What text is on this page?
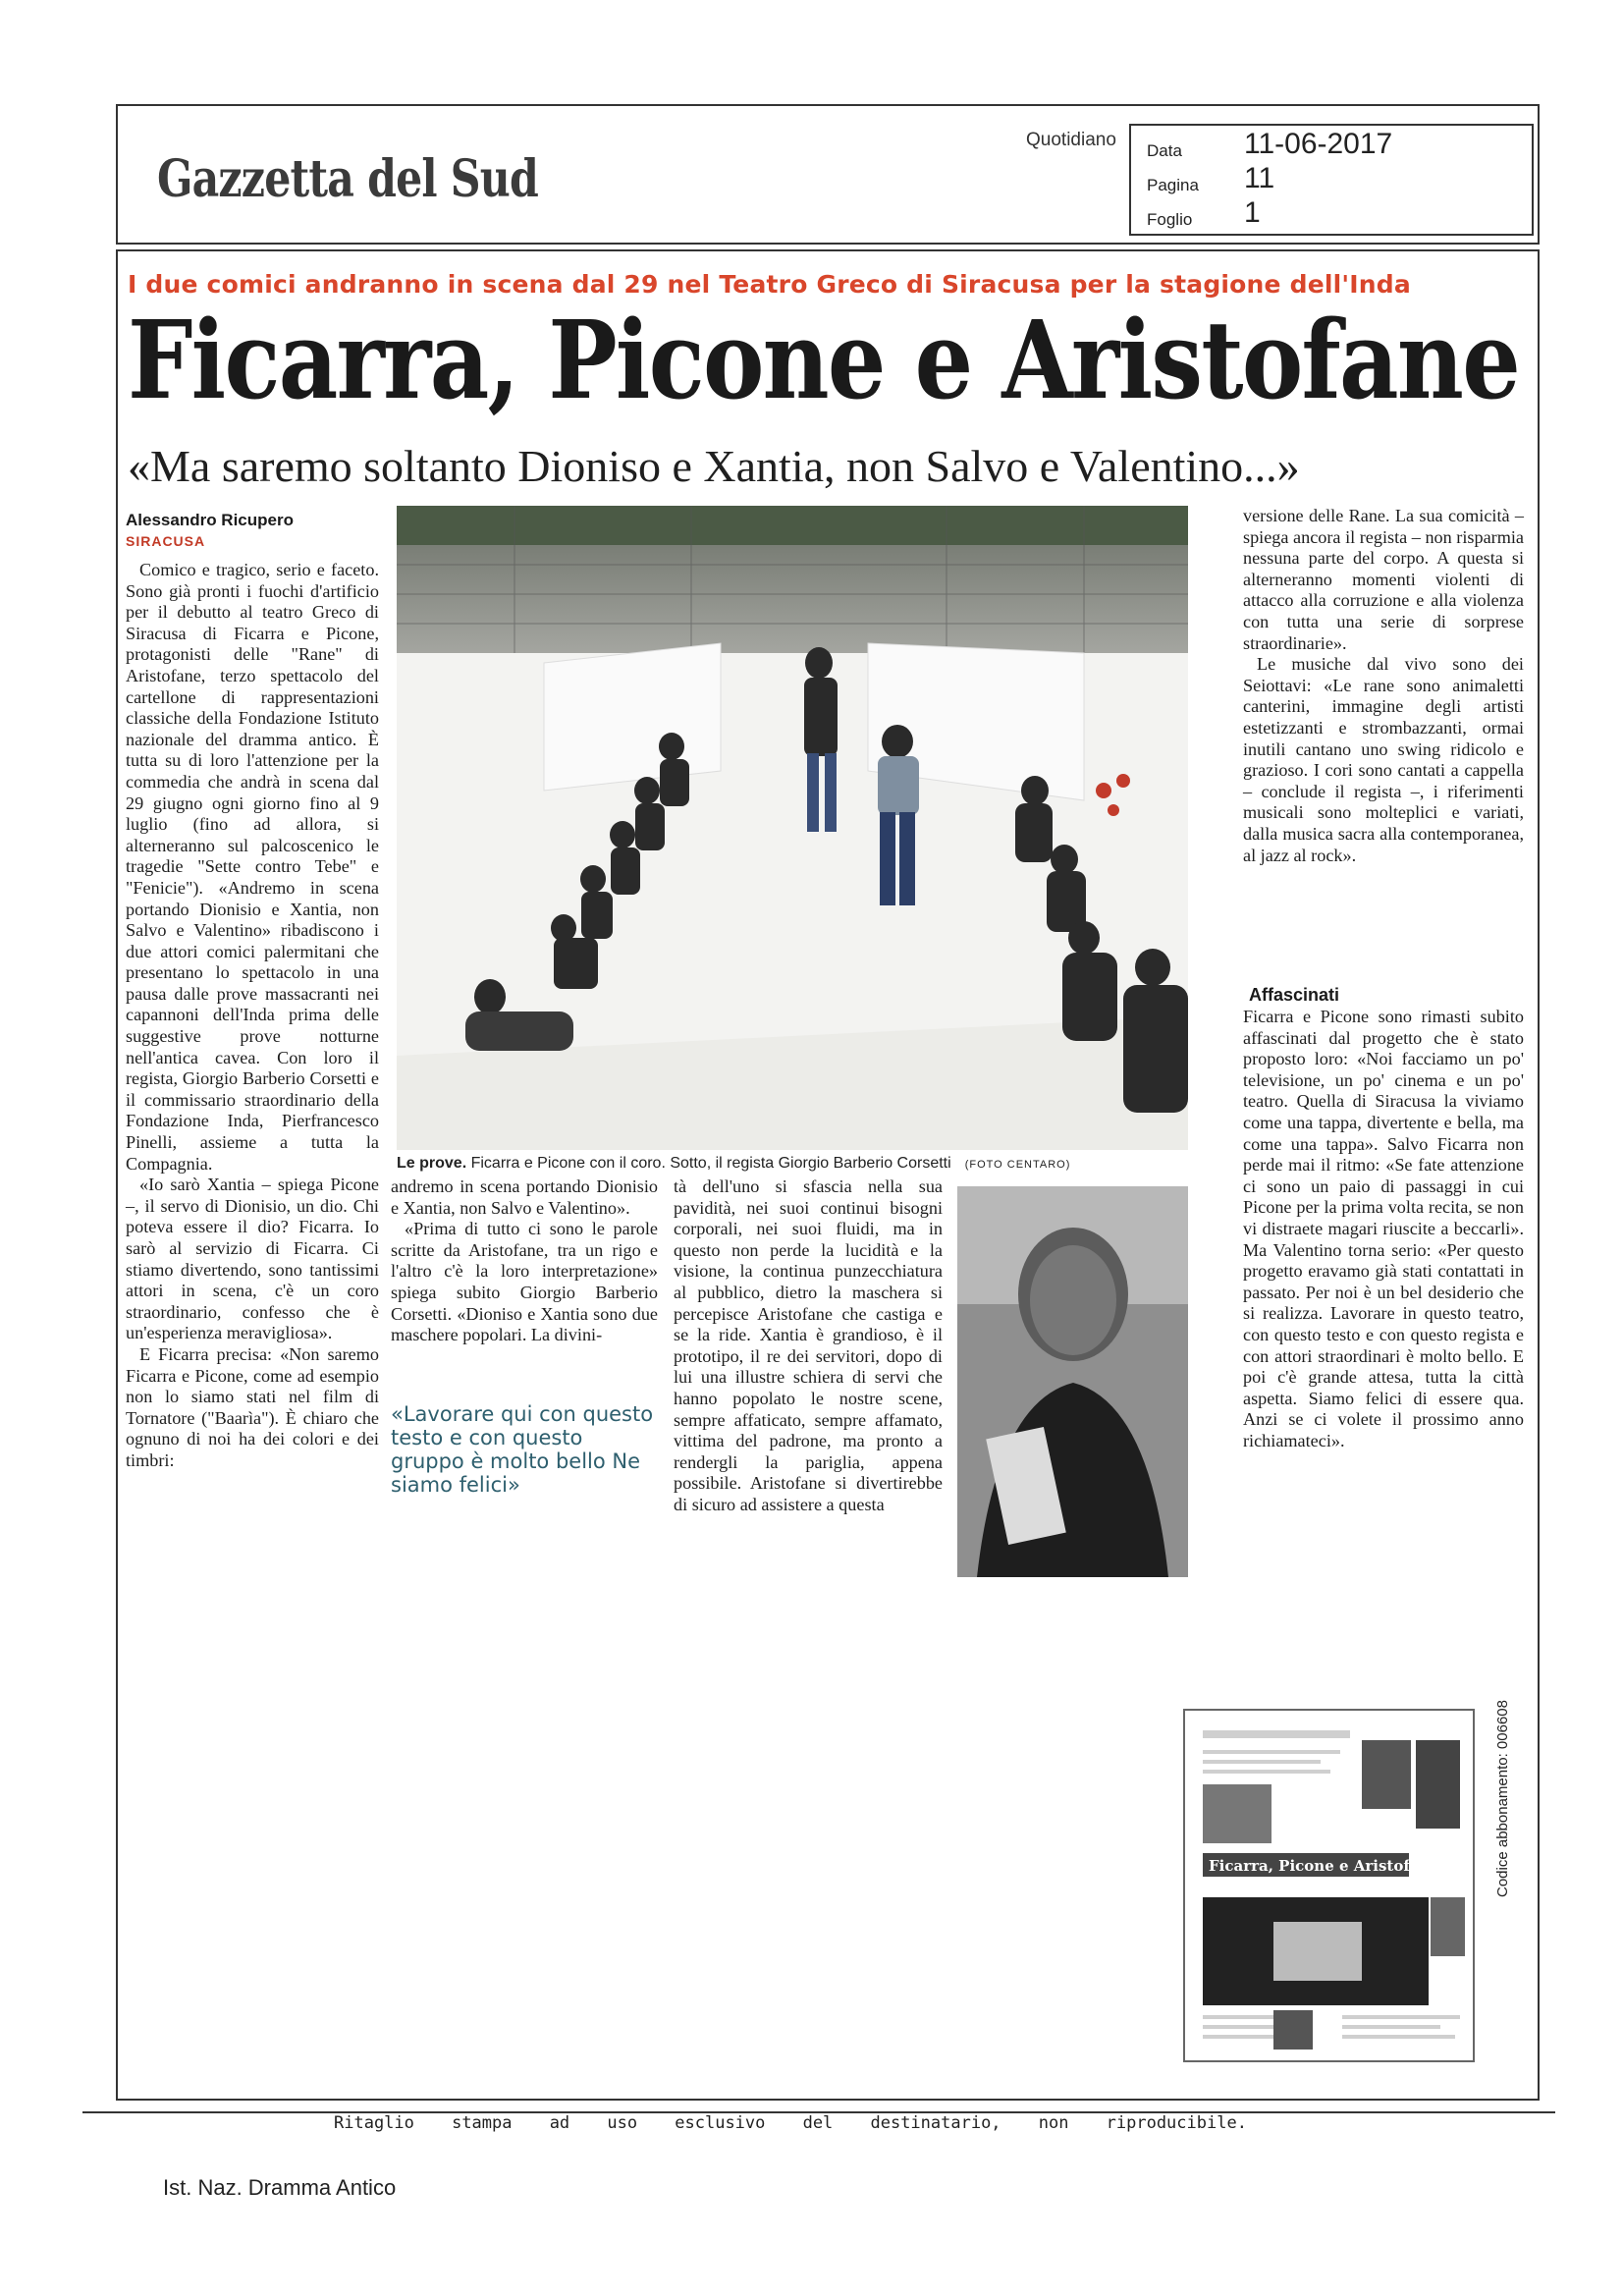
Gazzetta del Sud
Quotidiano
Data 11-06-2017
Pagina 11
Foglio 1
I due comici andranno in scena dal 29 nel Teatro Greco di Siracusa per la stagione dell'Inda
Ficarra, Picone e Aristofane
«Ma saremo soltanto Dioniso e Xantia, non Salvo e Valentino...»
Alessandro Ricupero
SIRACUSA

Comico e tragico, serio e faceto. Sono già pronti i fuochi d'artificio per il debutto al teatro Greco di Siracusa di Ficarra e Picone, protagonisti delle "Rane" di Aristofane, terzo spettacolo del cartellone di rappresentazioni classiche della Fondazione Istituto nazionale del dramma antico. È tutta su di loro l'attenzione per la commedia che andrà in scena dal 29 giugno ogni giorno fino al 9 luglio (fino ad allora, si alterneranno sul palcoscenico le tragedie "Sette contro Tebe" e "Fenicie"). «Andremo in scena portando Dionisio e Xantia, non Salvo e Valentino» ribadiscono i due attori comici palermitani che presentano lo spettacolo in una pausa dalle prove massacranti nei capannoni dell'Inda prima delle suggestive prove notturne nell'antica cavea. Con loro il regista, Giorgio Barberio Corsetti e il commissario straordinario della Fondazione Inda, Pierfrancesco Pinelli, assieme a tutta la Compagnia.

«Io sarò Xantia – spiega Picone –, il servo di Dionisio, un dio. Chi poteva essere il dio? Ficarra. Io sarò al servizio di Ficarra. Ci stiamo divertendo, sono tantissimi attori in scena, c'è un coro straordinario, confesso che è un'esperienza meravigliosa».

E Ficarra precisa: «Non saremo Ficarra e Picone, come ad esempio non lo siamo stati nel film di Tornatore ("Baarìa"). È chiaro che ognuno di noi ha dei colori e dei timbri:

Le prove. Ficarra e Picone con il coro. Sotto, il regista Giorgio Barberio Corsetti (FOTO CENTARO)

andremo in scena portando Dionisio e Xantia, non Salvo e Valentino».

«Prima di tutto ci sono le parole scritte da Aristofane, tra un rigo e l'altro c'è la loro interpretazione» spiega subito Giorgio Barberio Corsetti. «Dioniso e Xantia sono due maschere popolari. La divini-

«Lavorare qui con questo testo e con questo gruppo è molto bello Ne siamo felici»

tà dell'uno si sfascia nella sua pavidità, nei suoi continui bisogni corporali, nei suoi fluidi, ma in questo non perde la lucidità e la visione, la continua punzecchiatura al pubblico, dietro la maschera si percepisce Aristofane che castiga e se la ride. Xantia è grandioso, è il prototipo, il re dei servitori, dopo di lui una illustre schiera di servi che hanno popolato le nostre scene, sempre affaticato, sempre affamato, vittima del padrone, ma pronto a rendergli la pariglia, appena possibile. Aristofane si divertirebbe di sicuro ad assistere a questa

versione delle Rane. La sua comicità – spiega ancora il regista – non risparmia nessuna parte del corpo. A questa si alterneranno momenti violenti di attacco alla corruzione e alla violenza con tutta una serie di sorprese straordinarie».

Le musiche dal vivo sono dei Seiottavi: «Le rane sono animaletti canterini, immagine degli artisti estetizzanti e strombazzanti, ormai inutili cantano uno swing ridicolo e grazioso. I cori sono cantati a cappella – conclude il regista –, i riferimenti musicali sono molteplici e variati, dalla musica sacra alla contemporanea, al jazz al rock».

Affascinati

Ficarra e Picone sono rimasti subito affascinati dal progetto che è stato proposto loro: «Noi facciamo un po' televisione, un po' cinema e un po' teatro. Quella di Siracusa la viviamo come una tappa, divertente e bella, ma come una tappa». Salvo Ficarra non perde mai il ritmo: «Se fate attenzione ci sono un paio di passaggi in cui Picone per la prima volta recita, se non vi distraete magari riuscite a beccarli». Ma Valentino torna serio: «Per questo progetto eravamo già stati contattati in passato. Per noi è un bel desiderio che si realizza. Lavorare in questo teatro, con questo testo e con questo regista e con attori straordinari è molto bello. E poi c'è grande attesa, tutta la città aspetta. Siamo felici di essere qua. Anzi se ci volete il prossimo anno richiamateci».

Ficarra, Picone e Aristofane	Codice abbonamento: 006608
Ritaglio stampa ad uso esclusivo del destinatario, non riproducibile.
Ist. Naz. Dramma Antico
